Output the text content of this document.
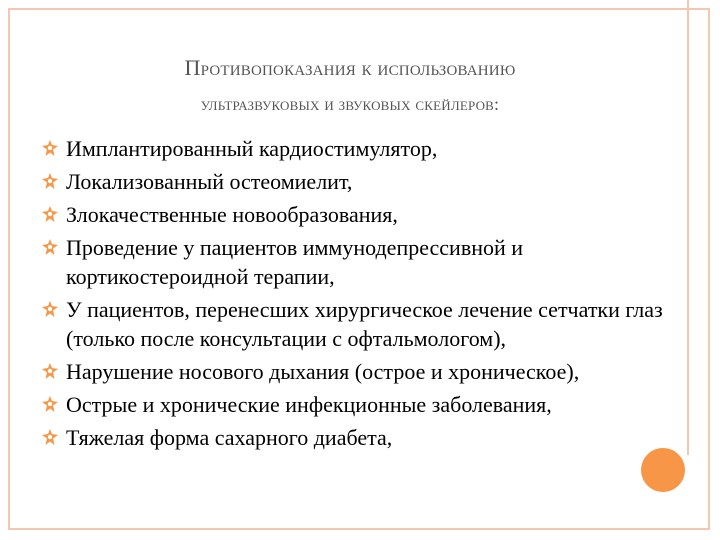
Противопоказания к использованию
ультразвуковых и звуковых скейлеров:
Имплантированный кардиостимулятор,
Локализованный остеомиелит,
Злокачественные новообразования,
Проведение у пациентов иммунодепрессивной и кортикостероидной терапии,
У пациентов, перенесших хирургическое лечение сетчатки глаз (только после консультации с офтальмологом),
Нарушение носового дыхания (острое и хроническое),
Острые и хронические инфекционные заболевания,
Тяжелая форма сахарного диабета,
